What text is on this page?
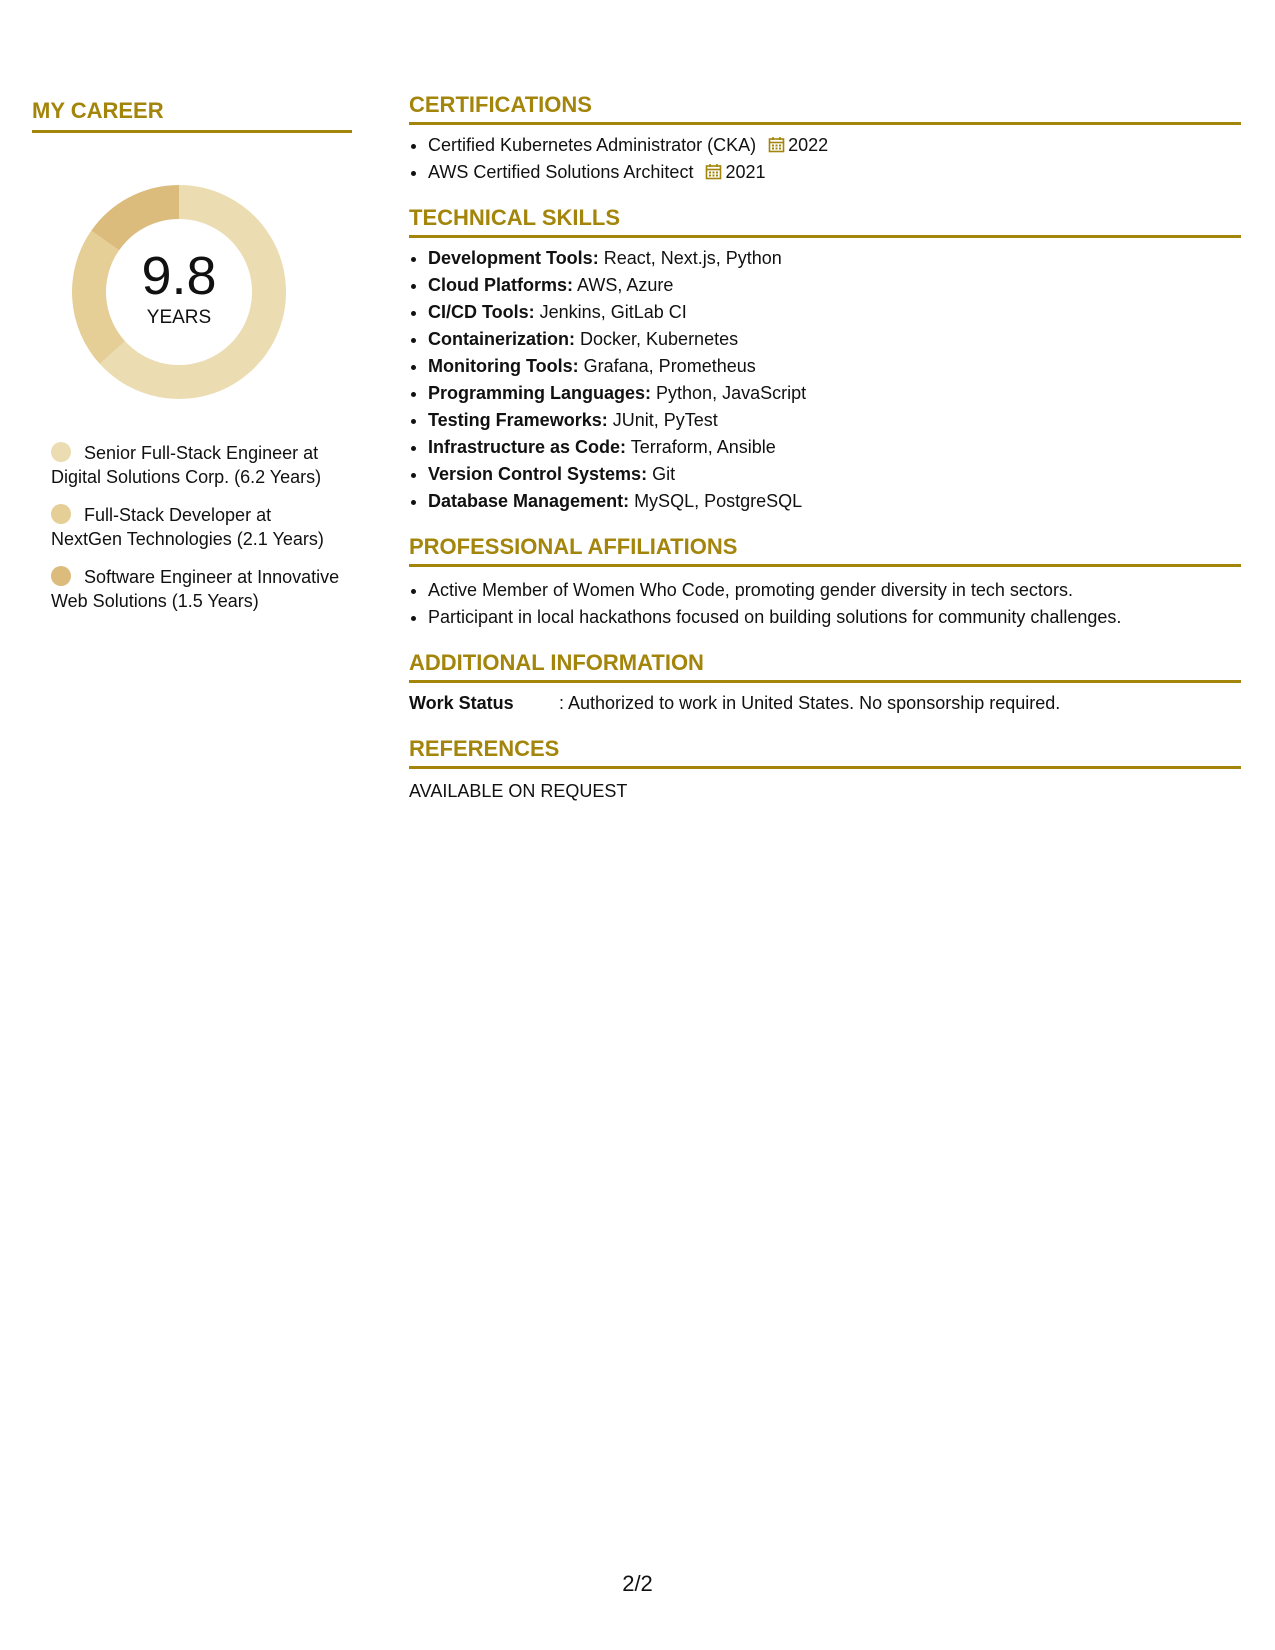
MY CAREER
9.8
YEARS
Senior Full-Stack Engineer at Digital Solutions Corp. (6.2 Years)
Full-Stack Developer at NextGen Technologies (2.1 Years)
Software Engineer at Innovative Web Solutions (1.5 Years)
CERTIFICATIONS
• Certified Kubernetes Administrator (CKA) 2022
• AWS Certified Solutions Architect 2021
TECHNICAL SKILLS
• Development Tools: React, Next.js, Python
• Cloud Platforms: AWS, Azure
• CI/CD Tools: Jenkins, GitLab CI
• Containerization: Docker, Kubernetes
• Monitoring Tools: Grafana, Prometheus
• Programming Languages: Python, JavaScript
• Testing Frameworks: JUnit, PyTest
• Infrastructure as Code: Terraform, Ansible
• Version Control Systems: Git
• Database Management: MySQL, PostgreSQL
PROFESSIONAL AFFILIATIONS
• Active Member of Women Who Code, promoting gender diversity in tech sectors.
• Participant in local hackathons focused on building solutions for community challenges.
ADDITIONAL INFORMATION
Work Status	: Authorized to work in United States. No sponsorship required.
REFERENCES
AVAILABLE ON REQUEST
2/2
